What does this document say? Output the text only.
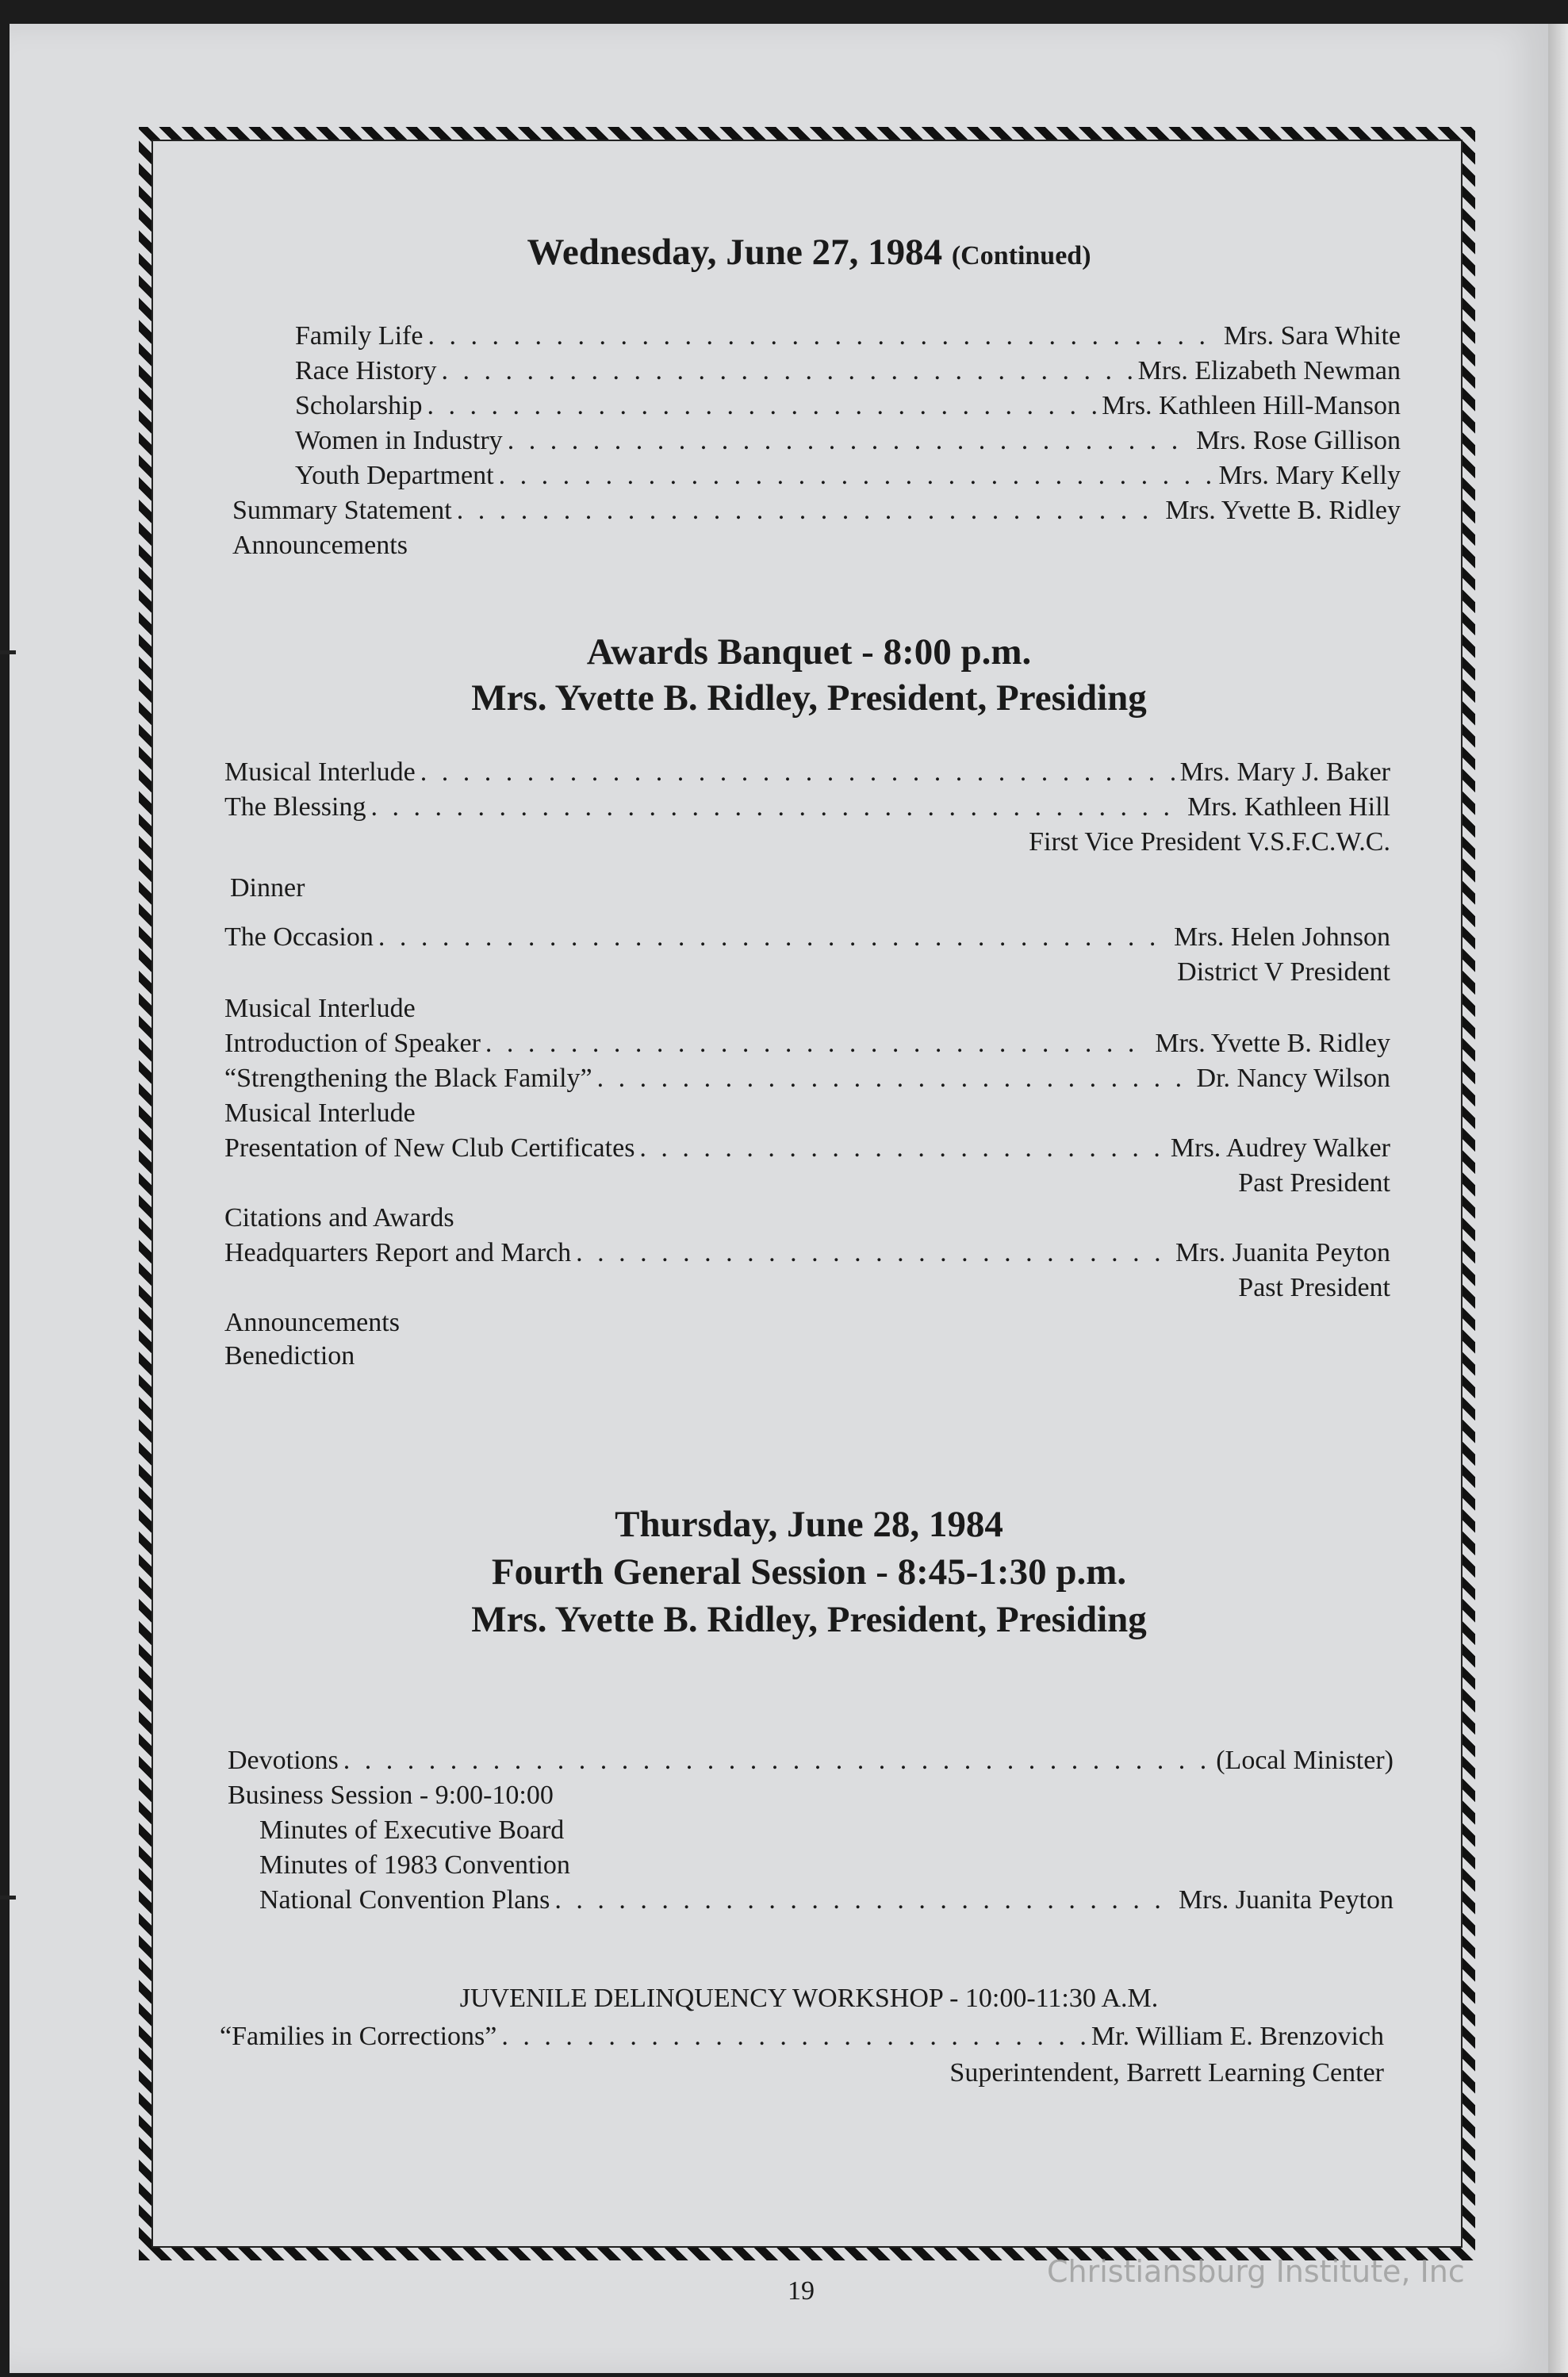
Wednesday, June 27, 1984 (Continued)
Family Life . . .	Mrs. Sara White
Race History . . .	Mrs. Elizabeth Newman
Scholarship . . .	Mrs. Kathleen Hill-Manson
Women in Industry . . .	Mrs. Rose Gillison
Youth Department . . .	Mrs. Mary Kelly
Summary Statement . . .	Mrs. Yvette B. Ridley
Announcements
Awards Banquet - 8:00 p.m.
Mrs. Yvette B. Ridley, President, Presiding
Musical Interlude . . .	Mrs. Mary J. Baker
The Blessing . . .	Mrs. Kathleen Hill
First Vice President V.S.F.C.W.C.
Dinner
The Occasion . . .	Mrs. Helen Johnson
District V President
Musical Interlude
Introduction of Speaker . . .	Mrs. Yvette B. Ridley
“Strengthening the Black Family” . . .	Dr. Nancy Wilson
Musical Interlude
Presentation of New Club Certificates . . .	Mrs. Audrey Walker
Past President
Citations and Awards
Headquarters Report and March . . .	Mrs. Juanita Peyton
Past President
Announcements
Benediction
Thursday, June 28, 1984
Fourth General Session - 8:45-1:30 p.m.
Mrs. Yvette B. Ridley, President, Presiding
Devotions . . .	(Local Minister)
Business Session - 9:00-10:00
Minutes of Executive Board
Minutes of 1983 Convention
National Convention Plans . . .	Mrs. Juanita Peyton
JUVENILE DELINQUENCY WORKSHOP - 10:00-11:30 A.M.
“Families in Corrections” . . .	Mr. William E. Brenzovich
Superintendent, Barrett Learning Center
19
Christiansburg Institute, Inc
